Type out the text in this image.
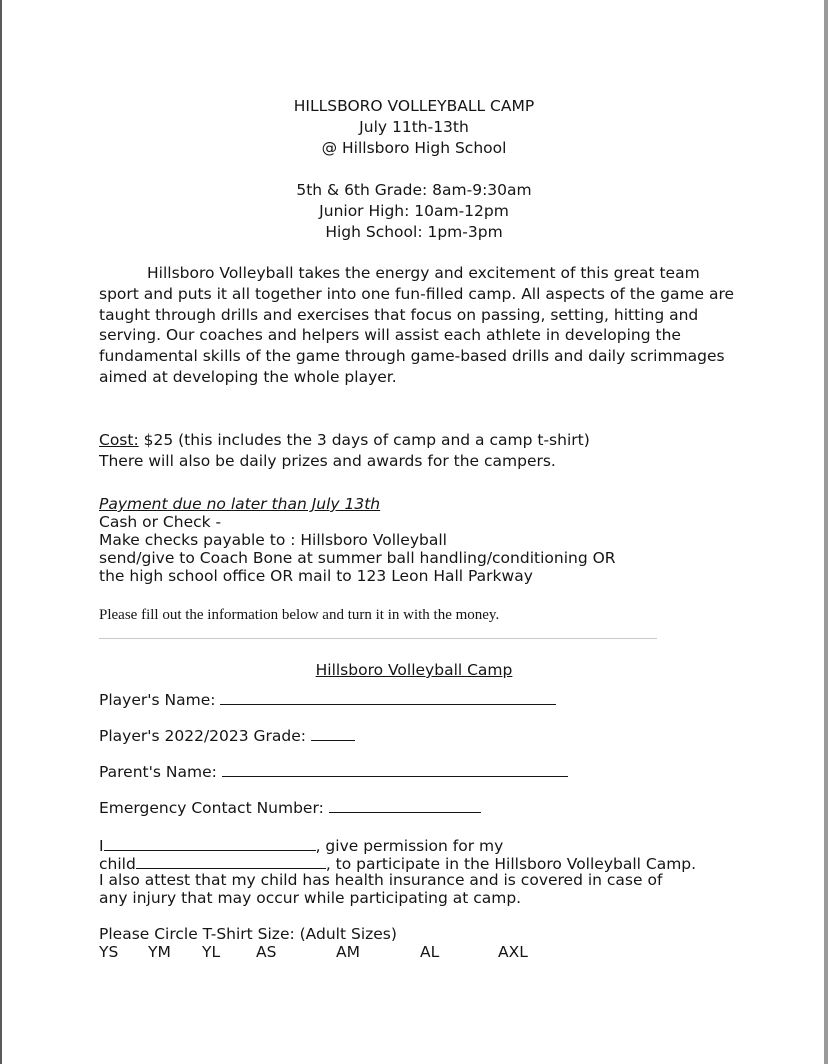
HILLSBORO VOLLEYBALL CAMP
July 11th-13th
@ Hillsboro High School
5th & 6th Grade: 8am-9:30am
Junior High: 10am-12pm
High School: 1pm-3pm
Hillsboro Volleyball takes the energy and excitement of this great team sport and puts it all together into one fun-filled camp. All aspects of the game are taught through drills and exercises that focus on passing, setting, hitting and serving. Our coaches and helpers will assist each athlete in developing the fundamental skills of the game through game-based drills and daily scrimmages aimed at developing the whole player.
Cost: $25 (this includes the 3 days of camp and a camp t-shirt)
There will also be daily prizes and awards for the campers.
Payment due no later than July 13th
Cash or Check -
Make checks payable to : Hillsboro Volleyball
send/give to Coach Bone at summer ball handling/conditioning OR
the high school office OR mail to 123 Leon Hall Parkway
Please fill out the information below and turn it in with the money.
Hillsboro Volleyball Camp
Player's Name:
Player's 2022/2023 Grade:
Parent's Name:
Emergency Contact Number:
I	, give permission for my
child	, to participate in the Hillsboro Volleyball Camp.
I also attest that my child has health insurance and is covered in case of
any injury that may occur while participating at camp.
Please Circle T-Shirt Size: (Adult Sizes)
YS YM YL AS	AM	AL	AXL
